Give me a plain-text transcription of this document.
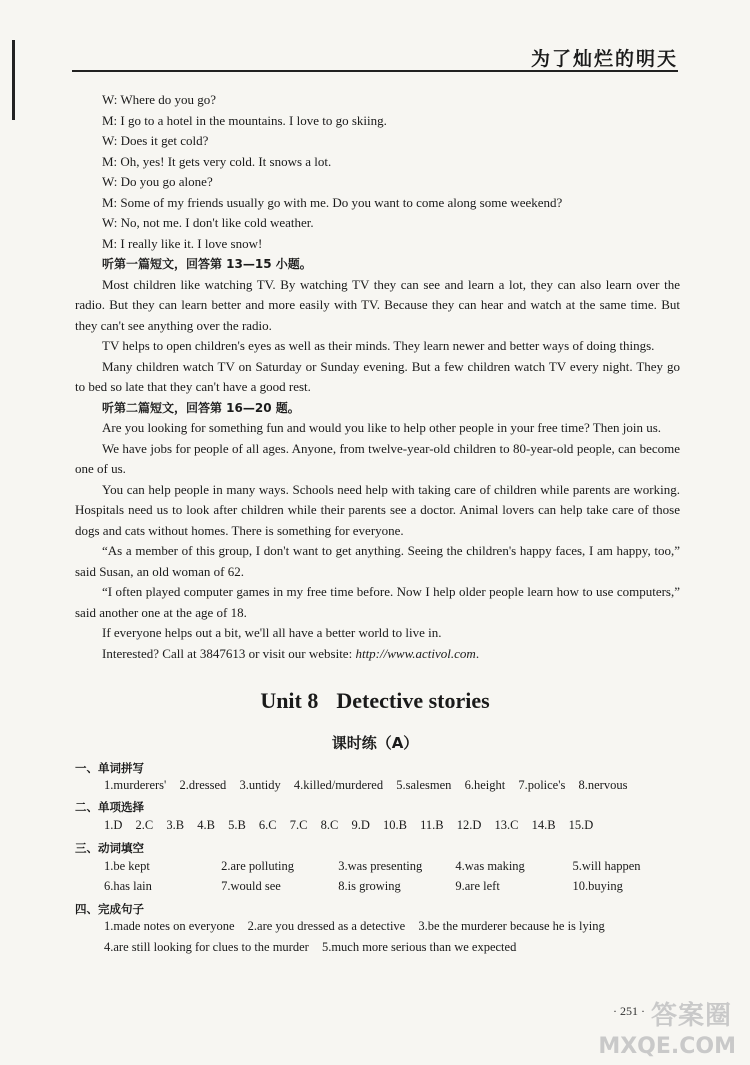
为了灿烂的明天
W: Where do you go?
M: I go to a hotel in the mountains. I love to go skiing.
W: Does it get cold?
M: Oh, yes! It gets very cold. It snows a lot.
W: Do you go alone?
M: Some of my friends usually go with me. Do you want to come along some weekend?
W: No, not me. I don't like cold weather.
M: I really like it. I love snow!
听第一篇短文，回答第 13—15 小题。
Most children like watching TV. By watching TV they can see and learn a lot, they can also learn over the radio. But they can learn better and more easily with TV. Because they can hear and watch at the same time. But they can't see anything over the radio.
TV helps to open children's eyes as well as their minds. They learn newer and better ways of doing things.
Many children watch TV on Saturday or Sunday evening. But a few children watch TV every night. They go to bed so late that they can't have a good rest.
听第二篇短文，回答第 16—20 题。
Are you looking for something fun and would you like to help other people in your free time? Then join us.
We have jobs for people of all ages. Anyone, from twelve-year-old children to 80-year-old people, can become one of us.
You can help people in many ways. Schools need help with taking care of children while parents are working. Hospitals need us to look after children while their parents see a doctor. Animal lovers can help take care of those dogs and cats without homes. There is something for everyone.
“As a member of this group, I don't want to get anything. Seeing the children's happy faces, I am happy, too,” said Susan, an old woman of 62.
“I often played computer games in my free time before. Now I help older people learn how to use computers,” said another one at the age of 18.
If everyone helps out a bit, we'll all have a better world to live in.
Interested? Call at 3847613 or visit our website: http://www.activol.com.
Unit 8 Detective stories
课时练（A）
一、单词拼写
1.murderers' 2.dressed 3.untidy 4.killed/murdered 5.salesmen 6.height 7.police's 8.nervous
二、单项选择
1.D 2.C 3.B 4.B 5.B 6.C 7.C 8.C 9.D 10.B 11.B 12.D 13.C 14.B 15.D
三、动词填空
1.be kept	2.are polluting	3.was presenting	4.was making	5.will happen
6.has lain	7.would see	8.is growing	9.are left	10.buying
四、完成句子
1.made notes on everyone 2.are you dressed as a detective 3.be the murderer because he is lying
4.are still looking for clues to the murder 5.much more serious than we expected
· 251 · 答案圈
MXQE.COM
